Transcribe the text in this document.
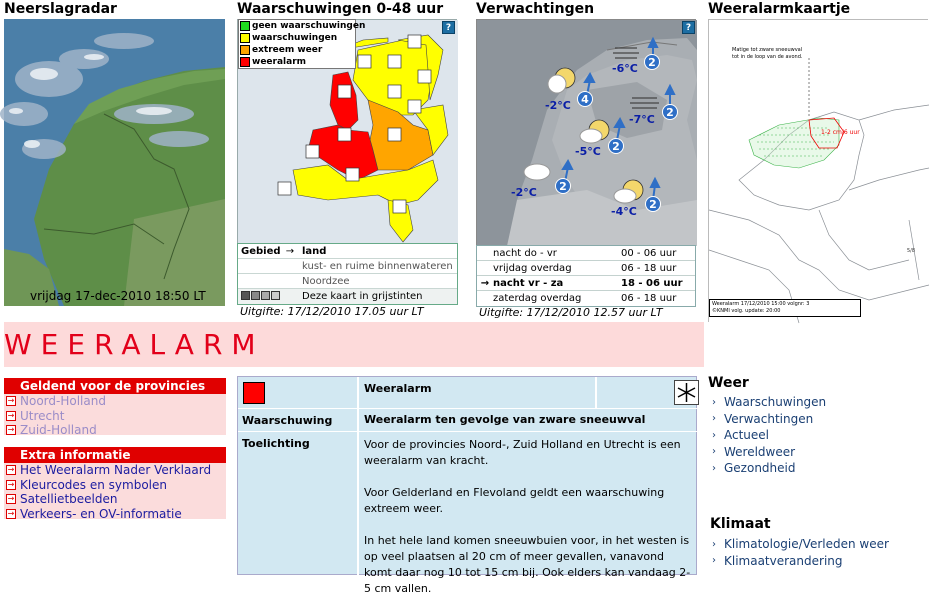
Neerslagradar	Waarschuwingen 0-48 uur Verwachtingen	Weeralarmkaartje
vrijdag 17-dec-2010 18:50 LT
geen waarschuwingen
waarschuwingen
extreem weer
weeralarm
?
Gebied → land
kust- en ruime binnenwateren
Noordzee
Deze kaart in grijstinten
Uitgifte: 17/12/2010 17.05 uur LT
?
-6°C
-2°C
-7°C
-5°C
-2°C
-4°C
2
4
2
2
2
2
nacht do - vr	00 - 06 uur
vrijdag overdag	06 - 18 uur
→ nacht vr - za	18 - 06 uur
zaterdag overdag	06 - 18 uur
Uitgifte: 17/12/2010 12.57 uur LT
1-2 cm/6 uur
5/8
Matige tot zware sneeuwval
tot in de loop van de avond.
Weeralarm 17/12/2010 15:00 volgnr: 3
©KNMI volg. update: 20:00
WEERALARM
Geldend voor de provincies
→ Noord-Holland
→ Utrecht
→ Zuid-Holland
Extra informatie
→ Het Weeralarm Nader Verklaard
→ Kleurcodes en symbolen
→ Satellietbeelden
→ Verkeers- en OV-informatie
Weeralarm
Waarschuwing	Weeralarm ten gevolge van zware sneeuwval
Toelichting	Voor de provincies Noord-, Zuid Holland en Utrecht is een weeralarm van kracht.

Voor Gelderland en Flevoland geldt een waarschuwing extreem weer.

In het hele land komen sneeuwbuien voor, in het westen is op veel plaatsen al 20 cm of meer gevallen, vanavond komt daar nog 10 tot 15 cm bij. Ook elders kan vandaag 2-5 cm vallen.

Weer
› Waarschuwingen
› Verwachtingen
› Actueel
› Wereldweer
› Gezondheid
Klimaat
› Klimatologie/Verleden weer
› Klimaatverandering
